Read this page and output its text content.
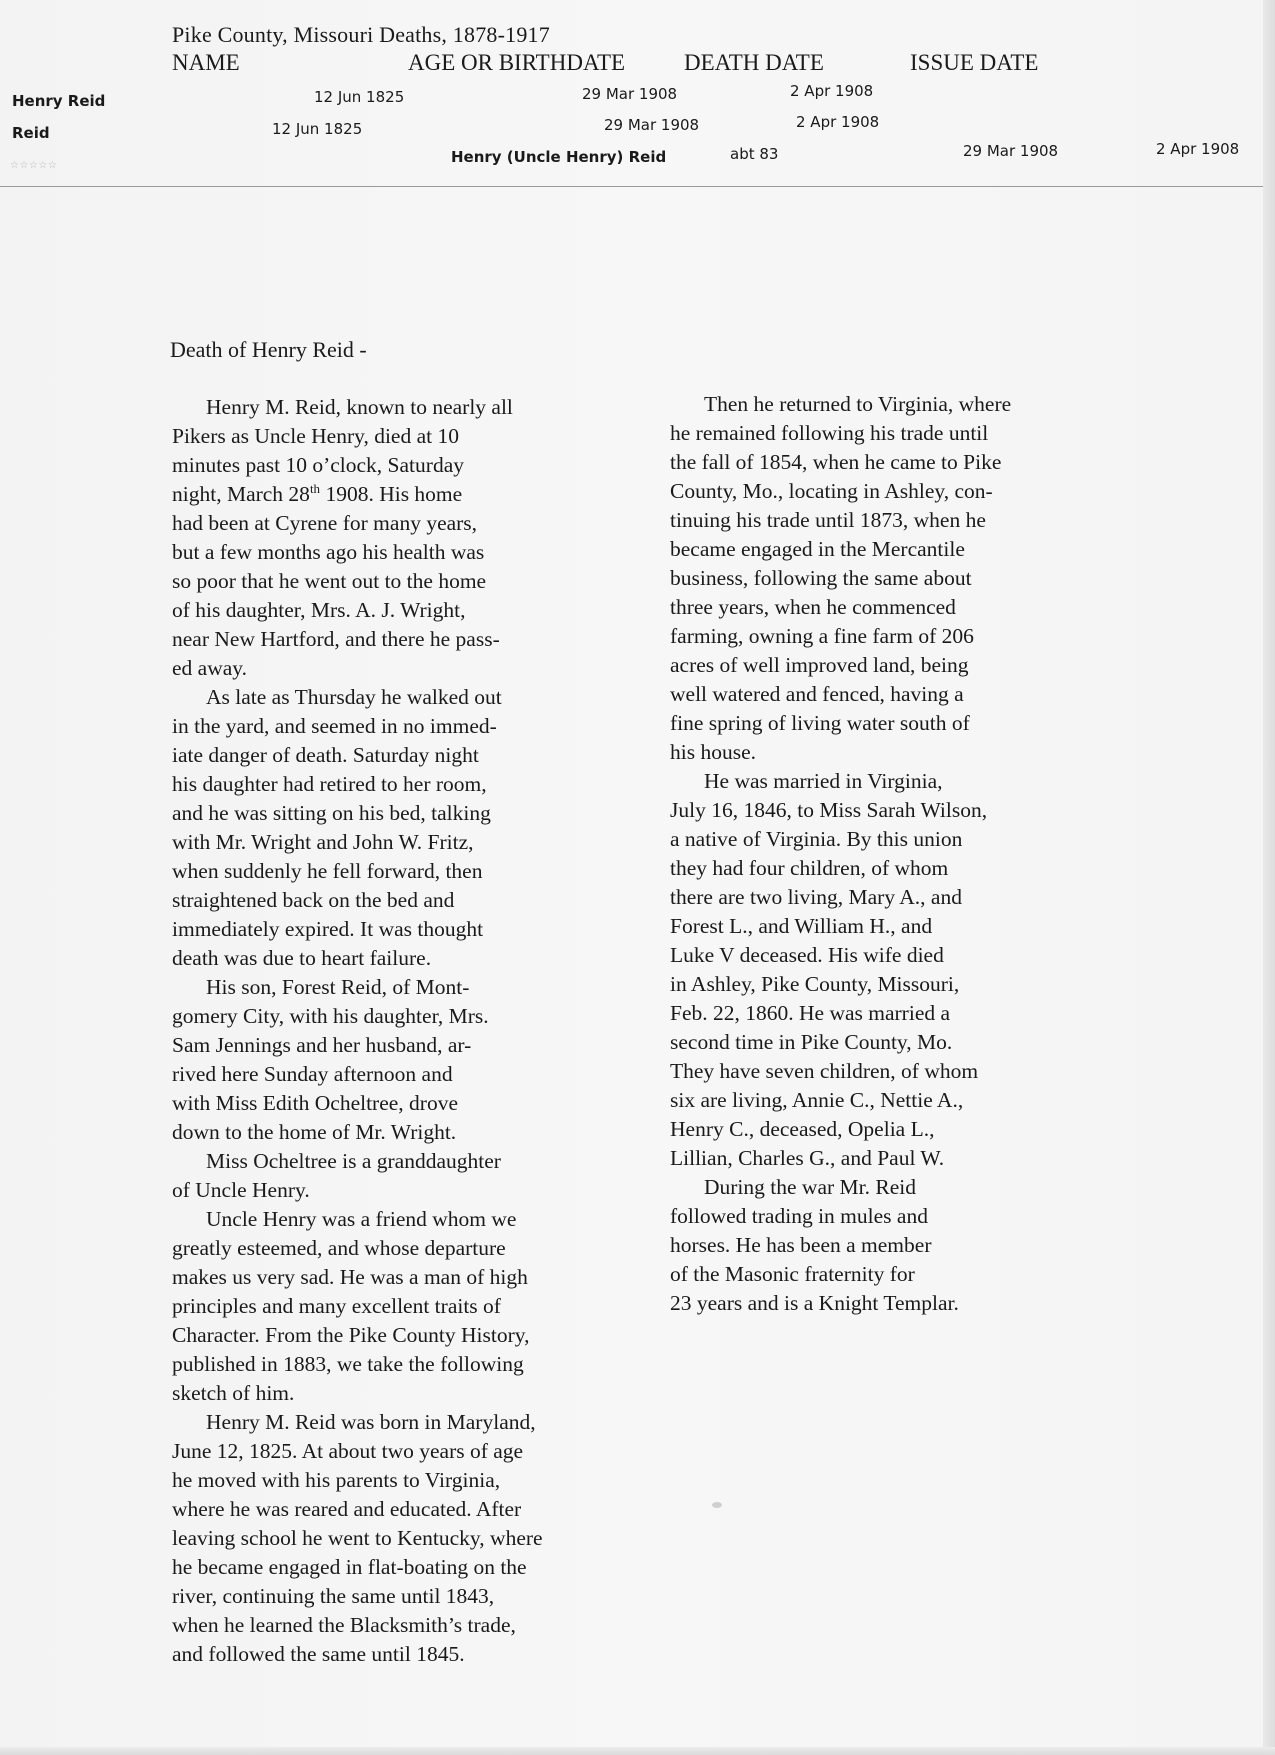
Pike County, Missouri Deaths, 1878-1917
NAME	AGE OR BIRTHDATE	DEATH DATE	ISSUE DATE
Henry Reid	12 Jun 1825	29 Mar 1908	2 Apr 1908
Reid	12 Jun 1825	29 Mar 1908	2 Apr 1908
Henry (Uncle Henry) Reid	abt 83	29 Mar 1908	2 Apr 1908
☆☆☆☆☆
Death of Henry Reid -

Henry M. Reid, known to nearly all

Pikers as Uncle Henry, died at 10

minutes past 10 o’clock, Saturday

night, March 28th 1908. His home

had been at Cyrene for many years,

but a few months ago his health was

so poor that he went out to the home

of his daughter, Mrs. A. J. Wright,

near New Hartford, and there he pass-

ed away.

As late as Thursday he walked out

in the yard, and seemed in no immed-

iate danger of death. Saturday night

his daughter had retired to her room,

and he was sitting on his bed, talking

with Mr. Wright and John W. Fritz,

when suddenly he fell forward, then

straightened back on the bed and

immediately expired. It was thought

death was due to heart failure.

His son, Forest Reid, of Mont-

gomery City, with his daughter, Mrs.

Sam Jennings and her husband, ar-

rived here Sunday afternoon and

with Miss Edith Ocheltree, drove

down to the home of Mr. Wright.

Miss Ocheltree is a granddaughter

of Uncle Henry.

Uncle Henry was a friend whom we

greatly esteemed, and whose departure

makes us very sad. He was a man of high

principles and many excellent traits of

Character. From the Pike County History,

published in 1883, we take the following

sketch of him.

Henry M. Reid was born in Maryland,

June 12, 1825. At about two years of age

he moved with his parents to Virginia,

where he was reared and educated. After

leaving school he went to Kentucky, where

he became engaged in flat-boating on the

river, continuing the same until 1843,

when he learned the Blacksmith’s trade,

and followed the same until 1845.

Then he returned to Virginia, where

he remained following his trade until

the fall of 1854, when he came to Pike

County, Mo., locating in Ashley, con-

tinuing his trade until 1873, when he

became engaged in the Mercantile

business, following the same about

three years, when he commenced

farming, owning a fine farm of 206

acres of well improved land, being

well watered and fenced, having a

fine spring of living water south of

his house.

He was married in Virginia,

July 16, 1846, to Miss Sarah Wilson,

a native of Virginia. By this union

they had four children, of whom

there are two living, Mary A., and

Forest L., and William H., and

Luke V deceased. His wife died

in Ashley, Pike County, Missouri,

Feb. 22, 1860. He was married a

second time in Pike County, Mo.

They have seven children, of whom

six are living, Annie C., Nettie A.,

Henry C., deceased, Opelia L.,

Lillian, Charles G., and Paul W.

During the war Mr. Reid

followed trading in mules and

horses. He has been a member

of the Masonic fraternity for

23 years and is a Knight Templar.
